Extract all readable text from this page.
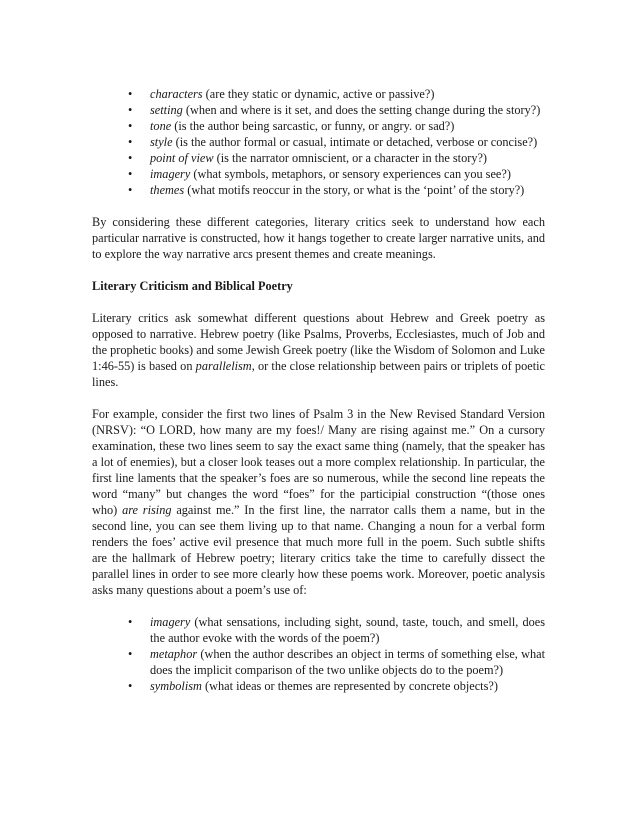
• characters (are they static or dynamic, active or passive?)
• setting (when and where is it set, and does the setting change during the story?)
• tone (is the author being sarcastic, or funny, or angry. or sad?)
• style (is the author formal or casual, intimate or detached, verbose or concise?)
• point of view (is the narrator omniscient, or a character in the story?)
• imagery (what symbols, metaphors, or sensory experiences can you see?)
• themes (what motifs reoccur in the story, or what is the ‘point’ of the story?)

By considering these different categories, literary critics seek to understand how each particular narrative is constructed, how it hangs together to create larger narrative units, and to explore the way narrative arcs present themes and create meanings.

Literary Criticism and Biblical Poetry

Literary critics ask somewhat different questions about Hebrew and Greek poetry as opposed to narrative. Hebrew poetry (like Psalms, Proverbs, Ecclesiastes, much of Job and the prophetic books) and some Jewish Greek poetry (like the Wisdom of Solomon and Luke 1:46-55) is based on parallelism, or the close relationship between pairs or triplets of poetic lines.

For example, consider the first two lines of Psalm 3 in the New Revised Standard Version (NRSV): “O LORD, how many are my foes!/ Many are rising against me.” On a cursory examination, these two lines seem to say the exact same thing (namely, that the speaker has a lot of enemies), but a closer look teases out a more complex relationship. In particular, the first line laments that the speaker’s foes are so numerous, while the second line repeats the word “many” but changes the word “foes” for the participial construction “(those ones who) are rising against me.” In the first line, the narrator calls them a name, but in the second line, you can see them living up to that name. Changing a noun for a verbal form renders the foes’ active evil presence that much more full in the poem. Such subtle shifts are the hallmark of Hebrew poetry; literary critics take the time to carefully dissect the parallel lines in order to see more clearly how these poems work. Moreover, poetic analysis asks many questions about a poem’s use of:

• imagery (what sensations, including sight, sound, taste, touch, and smell, does the author evoke with the words of the poem?)
• metaphor (when the author describes an object in terms of something else, what does the implicit comparison of the two unlike objects do to the poem?)
• symbolism (what ideas or themes are represented by concrete objects?)
